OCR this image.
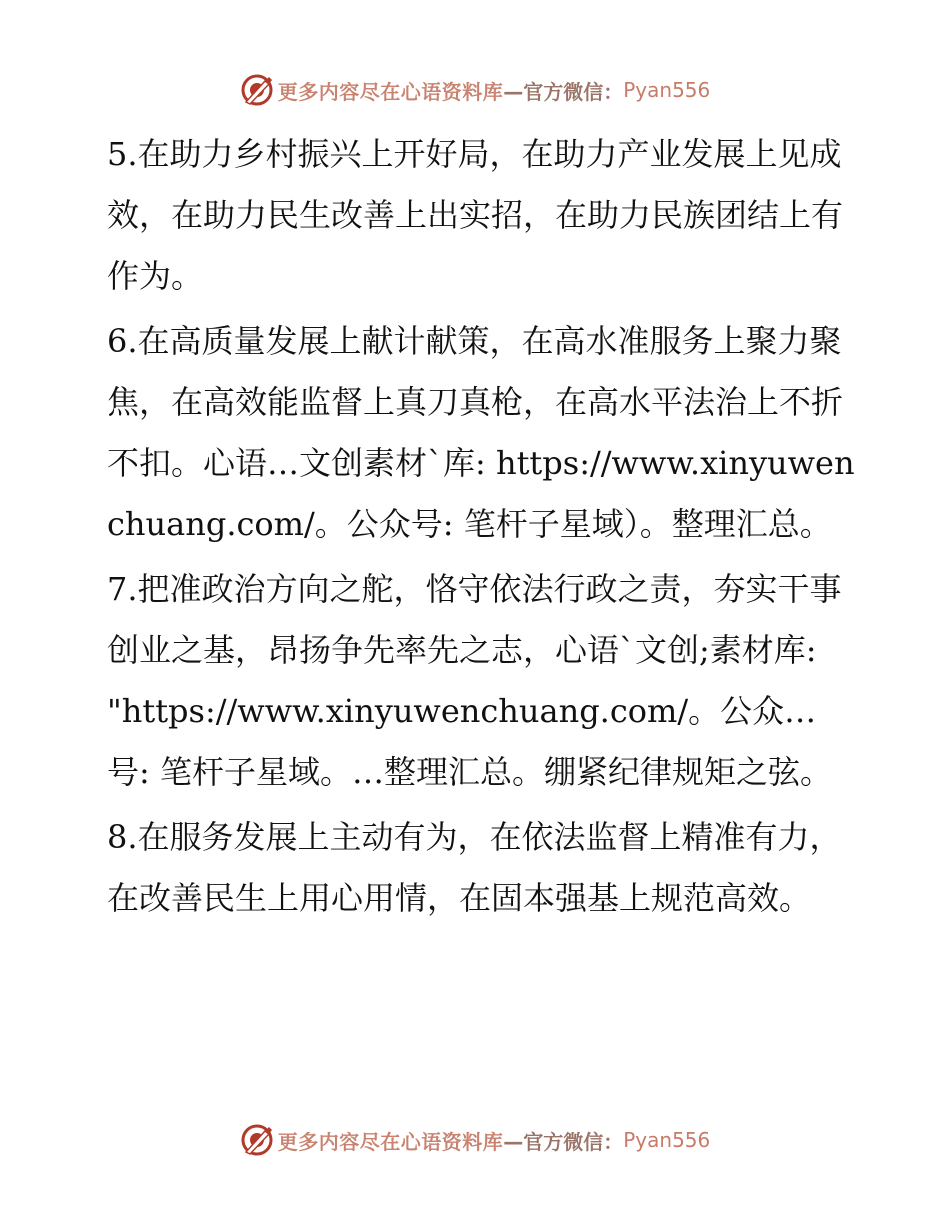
更多内容尽在心语资料库 —官方微信： Pyan556

5.在助力乡村振兴上开好局，在助力产业发展上见成效，在助力民生改善上出实招，在助力民族团结上有作为。

6.在高质量发展上献计献策，在高水准服务上聚力聚焦，在高效能监督上真刀真枪，在高水平法治上不折不扣。心语…文创素材`库: https://www.xinyuwenchuang.com/。公众号: 笔杆子星域）。整理汇总。

7.把准政治方向之舵，恪守依法行政之责，夯实干事创业之基，昂扬争先率先之志，心语`文创;素材库: "https://www.xinyuwenchuang.com/。公众…号: 笔杆子星域。…整理汇总。绷紧纪律规矩之弦。

8.在服务发展上主动有为，在依法监督上精准有力，在改善民生上用心用情，在固本强基上规范高效。

更多内容尽在心语资料库 —官方微信： Pyan556
